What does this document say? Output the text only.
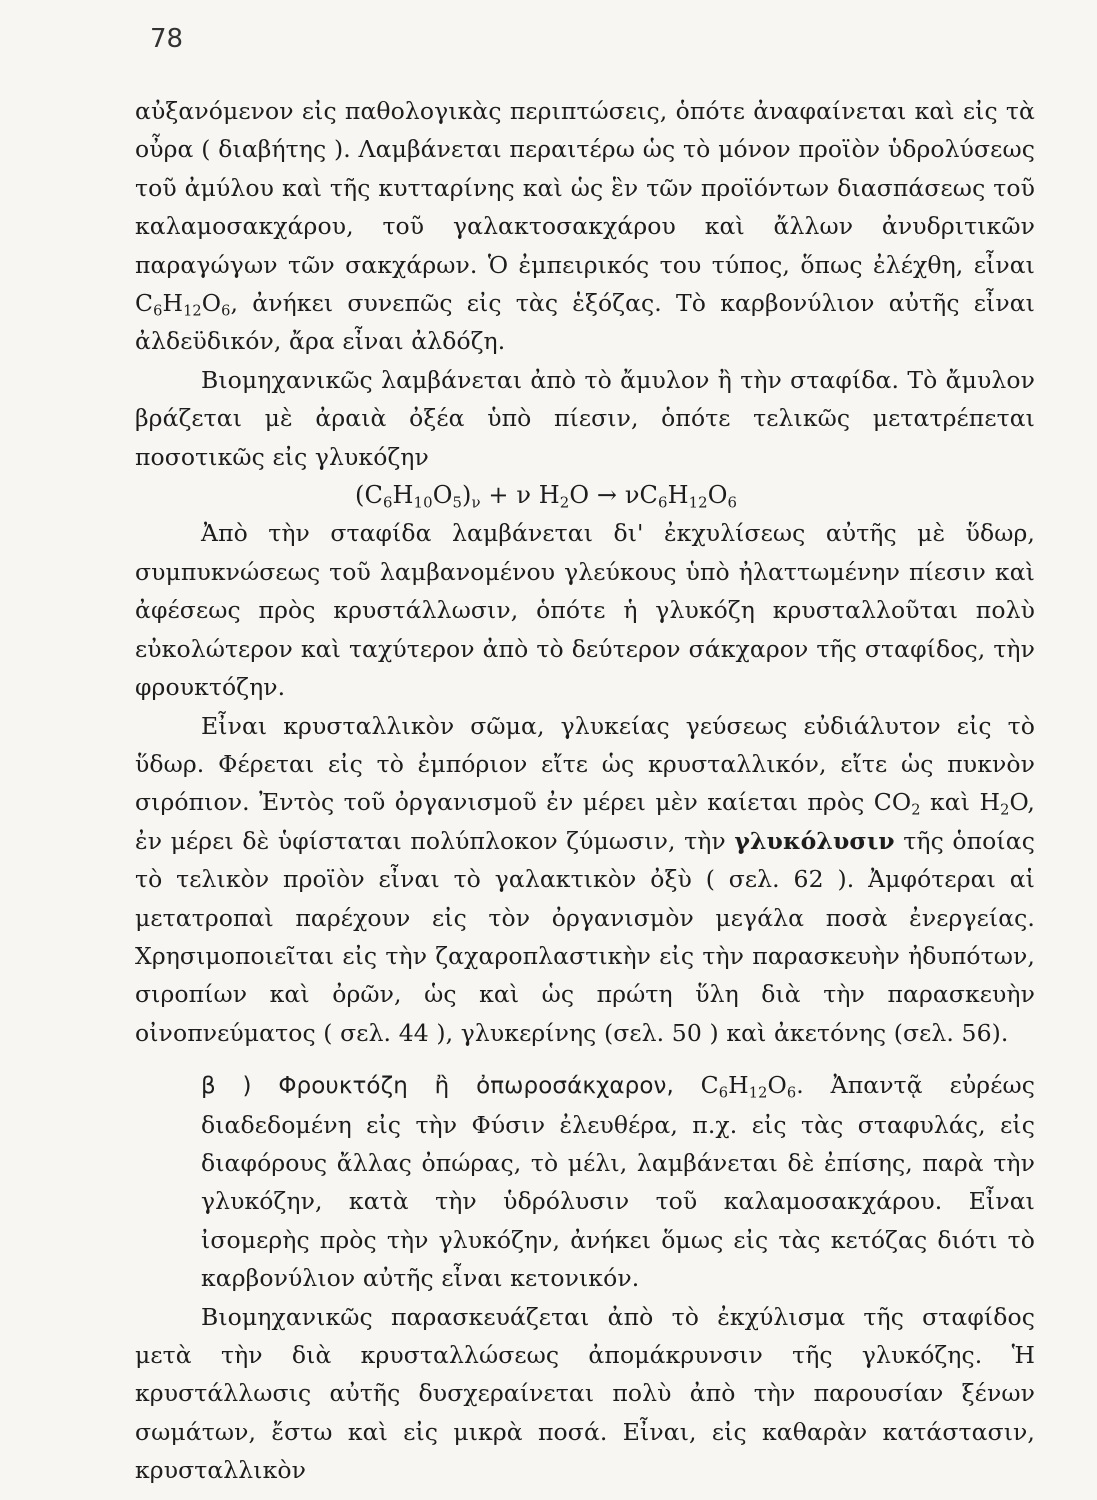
78

αὐξανόμενον εἰς παθολογικὰς περιπτώσεις, ὁπότε ἀναφαίνεται καὶ εἰς τὰ οὖρα ( διαβήτης ). Λαμβάνεται περαιτέρω ὡς τὸ μόνον προϊὸν ὑδρολύσεως τοῦ ἀμύλου καὶ τῆς κυτταρίνης καὶ ὡς ἓν τῶν προϊόντων διασπάσεως τοῦ καλαμοσακχάρου, τοῦ γαλακτοσακχάρου καὶ ἄλλων ἀνυδριτικῶν παραγώγων τῶν σακχάρων. Ὁ ἐμπειρικός του τύπος, ὅπως ἐλέχθη, εἶναι $C_6H_{12}O_6$, ἀνήκει συνεπῶς εἰς τὰς ἑξόζας. Τὸ καρβονύλιον αὐτῆς εἶναι ἀλδεϋδικόν, ἄρα εἶναι ἀλδόζη.

Βιομηχανικῶς λαμβάνεται ἀπὸ τὸ ἄμυλον ἢ τὴν σταφίδα. Τὸ ἄμυλον βράζεται μὲ ἀραιὰ ὀξέα ὑπὸ πίεσιν, ὁπότε τελικῶς μετατρέπεται ποσοτικῶς εἰς γλυκόζην

$(C_6H_{10}O_5)_\nu + \nu$ $H_2O \to \nu C_6H_{12}O_6$

Ἀπὸ τὴν σταφίδα λαμβάνεται δι' ἐκχυλίσεως αὐτῆς μὲ ὕδωρ, συμπυκνώσεως τοῦ λαμβανομένου γλεύκους ὑπὸ ἠλαττωμένην πίεσιν καὶ ἀφέσεως πρὸς κρυστάλλωσιν, ὁπότε ἡ γλυκόζη κρυσταλλοῦται πολὺ εὐκολώτερον καὶ ταχύτερον ἀπὸ τὸ δεύτερον σάκχαρον τῆς σταφίδος, τὴν φρουκτόζην.

Εἶναι κρυσταλλικὸν σῶμα, γλυκείας γεύσεως εὐδιάλυτον εἰς τὸ ὕδωρ. Φέρεται εἰς τὸ ἐμπόριον εἴτε ὡς κρυσταλλικόν, εἴτε ὡς πυκνὸν σιρόπιον. Ἐντὸς τοῦ ὀργανισμοῦ ἐν μέρει μὲν καίεται πρὸς $CO_2$ καὶ $H_2O$, ἐν μέρει δὲ ὑφίσταται πολύπλοκον ζύμωσιν, τὴν γλυκόλυσιν τῆς ὁποίας τὸ τελικὸν προϊὸν εἶναι τὸ γαλακτικὸν ὀξὺ ( σελ. 62 ). Ἀμφότεραι αἱ μετατροπαὶ παρέχουν εἰς τὸν ὀργανισμὸν μεγάλα ποσὰ ἐνεργείας. Χρησιμοποιεῖται εἰς τὴν ζαχαροπλαστικὴν εἰς τὴν παρασκευὴν ἠδυπότων, σιροπίων καὶ ὀρῶν, ὡς καὶ ὡς πρώτη ὕλη διὰ τὴν παρασκευὴν οἰνοπνεύματος ( σελ. 44 ), γλυκερίνης (σελ. 50 ) καὶ ἀκετόνης (σελ. 56).

β ) Φρουκτόζη ἢ ὀπωροσάκχαρον, $C_6H_{12}O_6$. Ἀπαντᾷ εὐρέως διαδεδομένη εἰς τὴν Φύσιν ἐλευθέρα, π.χ. εἰς τὰς σταφυλάς, εἰς διαφόρους ἄλλας ὀπώρας, τὸ μέλι, λαμβάνεται δὲ ἐπίσης, παρὰ τὴν γλυκόζην, κατὰ τὴν ὑδρόλυσιν τοῦ καλαμοσακχάρου. Εἶναι ἰσομερὴς πρὸς τὴν γλυκόζην, ἀνήκει ὅμως εἰς τὰς κετόζας διότι τὸ καρβονύλιον αὐτῆς εἶναι κετονικόν.

Βιομηχανικῶς παρασκευάζεται ἀπὸ τὸ ἐκχύλισμα τῆς σταφίδος μετὰ τὴν διὰ κρυσταλλώσεως ἀπομάκρυνσιν τῆς γλυκόζης. Ἡ κρυστάλλωσις αὐτῆς δυσχεραίνεται πολὺ ἀπὸ τὴν παρουσίαν ξένων σωμάτων, ἔστω καὶ εἰς μικρὰ ποσά. Εἶναι, εἰς καθαρὰν κατάστασιν, κρυσταλλικὸν
